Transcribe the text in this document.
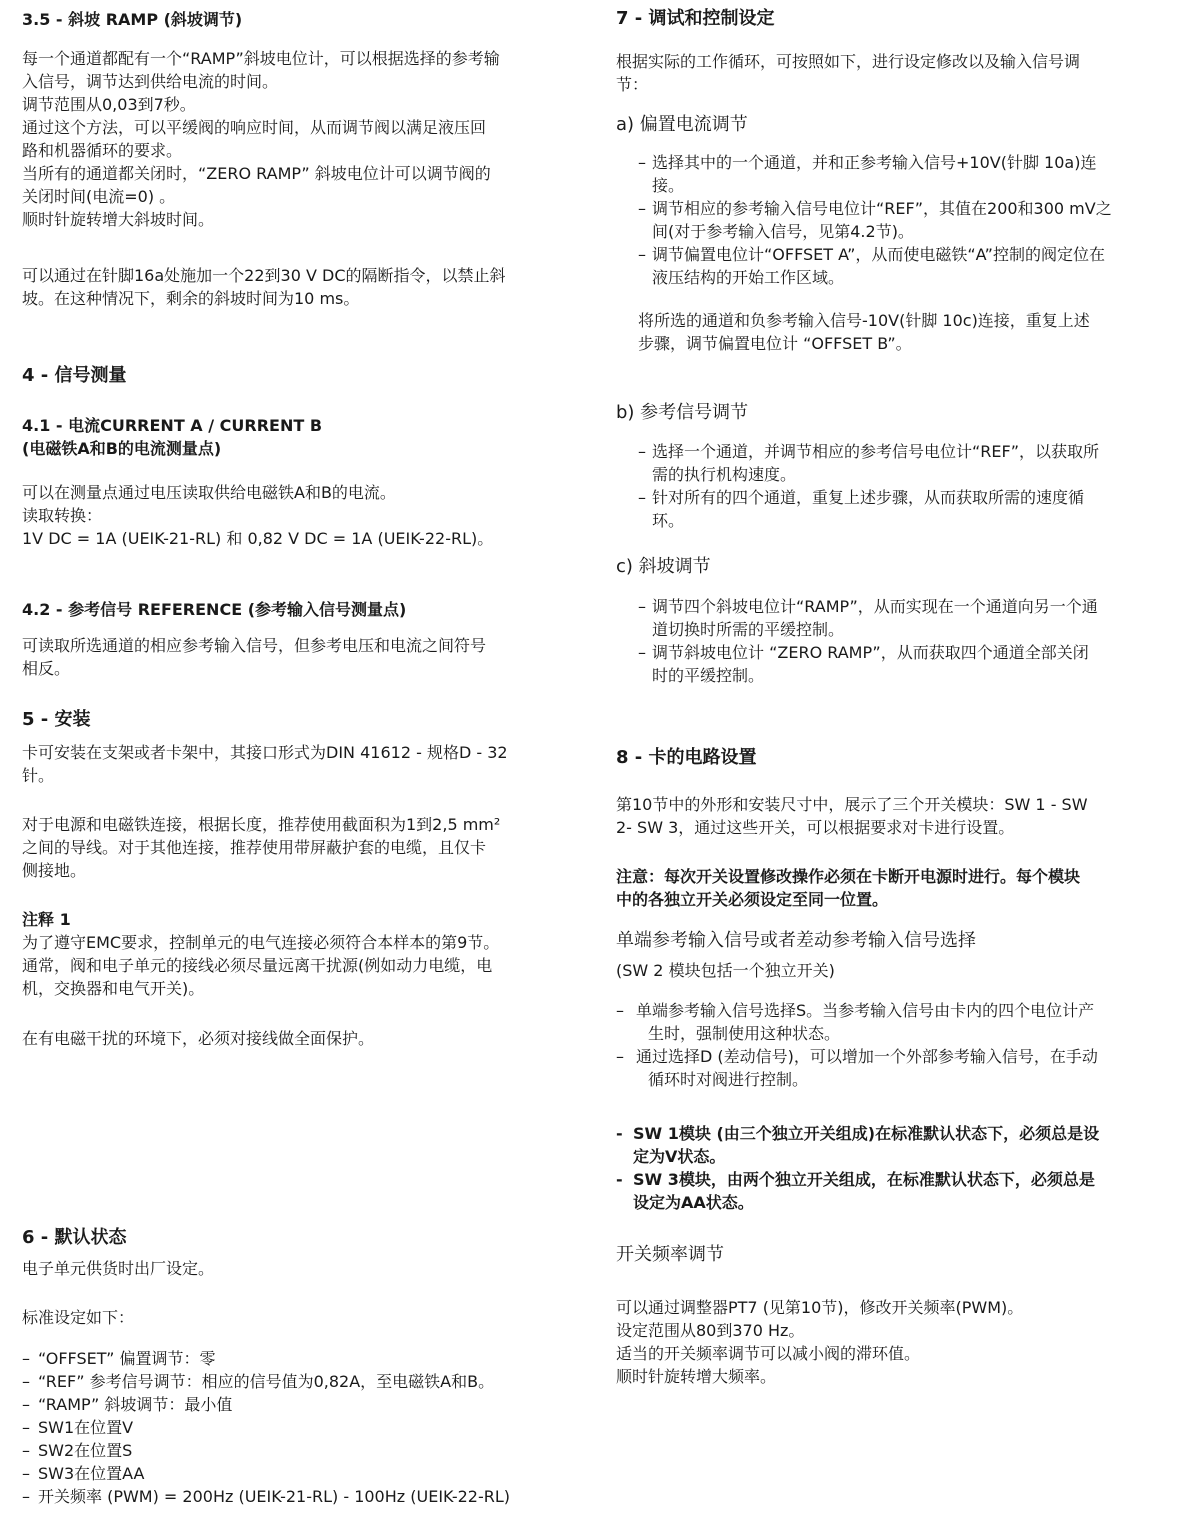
3.5 - 斜坡 RAMP (斜坡调节)
每一个通道都配有一个“RAMP”斜坡电位计，可以根据选择的参考输
入信号，调节达到供给电流的时间。
调节范围从0,03到7秒。
通过这个方法，可以平缓阀的响应时间，从而调节阀以满足液压回
路和机器循环的要求。
当所有的通道都关闭时，“ZERO RAMP” 斜坡电位计可以调节阀的
关闭时间(电流=0) 。
顺时针旋转增大斜坡时间。
可以通过在针脚16a处施加一个22到30 V DC的隔断指令，以禁止斜
坡。在这种情况下，剩余的斜坡时间为10 ms。
4 - 信号测量
4.1 - 电流CURRENT A / CURRENT B
(电磁铁A和B的电流测量点)
可以在测量点通过电压读取供给电磁铁A和B的电流。
读取转换：
1V DC = 1A (UEIK-21-RL) 和 0,82 V DC = 1A (UEIK-22-RL)。
4.2 - 参考信号 REFERENCE (参考输入信号测量点)
可读取所选通道的相应参考输入信号，但参考电压和电流之间符号
相反。
5 - 安装
卡可安装在支架或者卡架中，其接口形式为DIN 41612 - 规格D - 32
针。
对于电源和电磁铁连接，根据长度，推荐使用截面积为1到2,5 mm²
之间的导线。对于其他连接，推荐使用带屏蔽护套的电缆，且仅卡
侧接地。
注释 1
为了遵守EMC要求，控制单元的电气连接必须符合本样本的第9节。
通常，阀和电子单元的接线必须尽量远离干扰源(例如动力电缆，电
机，交换器和电气开关)。
在有电磁干扰的环境下，必须对接线做全面保护。
6 - 默认状态
电子单元供货时出厂设定。
标准设定如下：
– “OFFSET” 偏置调节：零
– “REF” 参考信号调节：相应的信号值为0,82A，至电磁铁A和B。
– “RAMP” 斜坡调节：最小值
– SW1在位置V
– SW2在位置S
– SW3在位置AA
– 开关频率 (PWM) = 200Hz (UEIK-21-RL) - 100Hz (UEIK-22-RL)
7 - 调试和控制设定
根据实际的工作循环，可按照如下，进行设定修改以及输入信号调
节：
a) 偏置电流调节
– 选择其中的一个通道，并和正参考输入信号+10V(针脚 10a)连
接。
– 调节相应的参考输入信号电位计“REF”，其值在200和300 mV之
间(对于参考输入信号，见第4.2节)。
– 调节偏置电位计“OFFSET A”，从而使电磁铁“A”控制的阀定位在
液压结构的开始工作区域。
将所选的通道和负参考输入信号-10V(针脚 10c)连接，重复上述
步骤，调节偏置电位计 “OFFSET B”。
b) 参考信号调节
– 选择一个通道，并调节相应的参考信号电位计“REF”，以获取所
需的执行机构速度。
– 针对所有的四个通道，重复上述步骤，从而获取所需的速度循
环。
c) 斜坡调节
– 调节四个斜坡电位计“RAMP”，从而实现在一个通道向另一个通
道切换时所需的平缓控制。
– 调节斜坡电位计 “ZERO RAMP”，从而获取四个通道全部关闭
时的平缓控制。
8 - 卡的电路设置
第10节中的外形和安装尺寸中，展示了三个开关模块：SW 1 - SW
2- SW 3，通过这些开关，可以根据要求对卡进行设置。
注意：每次开关设置修改操作必须在卡断开电源时进行。每个模块
中的各独立开关必须设定至同一位置。
单端参考输入信号或者差动参考输入信号选择
(SW 2 模块包括一个独立开关)
– 单端参考输入信号选择S。当参考输入信号由卡内的四个电位计产
生时，强制使用这种状态。
– 通过选择D (差动信号)，可以增加一个外部参考输入信号，在手动
循环时对阀进行控制。
- SW 1模块 (由三个独立开关组成)在标准默认状态下，必须总是设
定为V状态。
- SW 3模块，由两个独立开关组成，在标准默认状态下，必须总是
设定为AA状态。
开关频率调节
可以通过调整器PT7 (见第10节)，修改开关频率(PWM)。
设定范围从80到370 Hz。
适当的开关频率调节可以减小阀的滞环值。
顺时针旋转增大频率。
